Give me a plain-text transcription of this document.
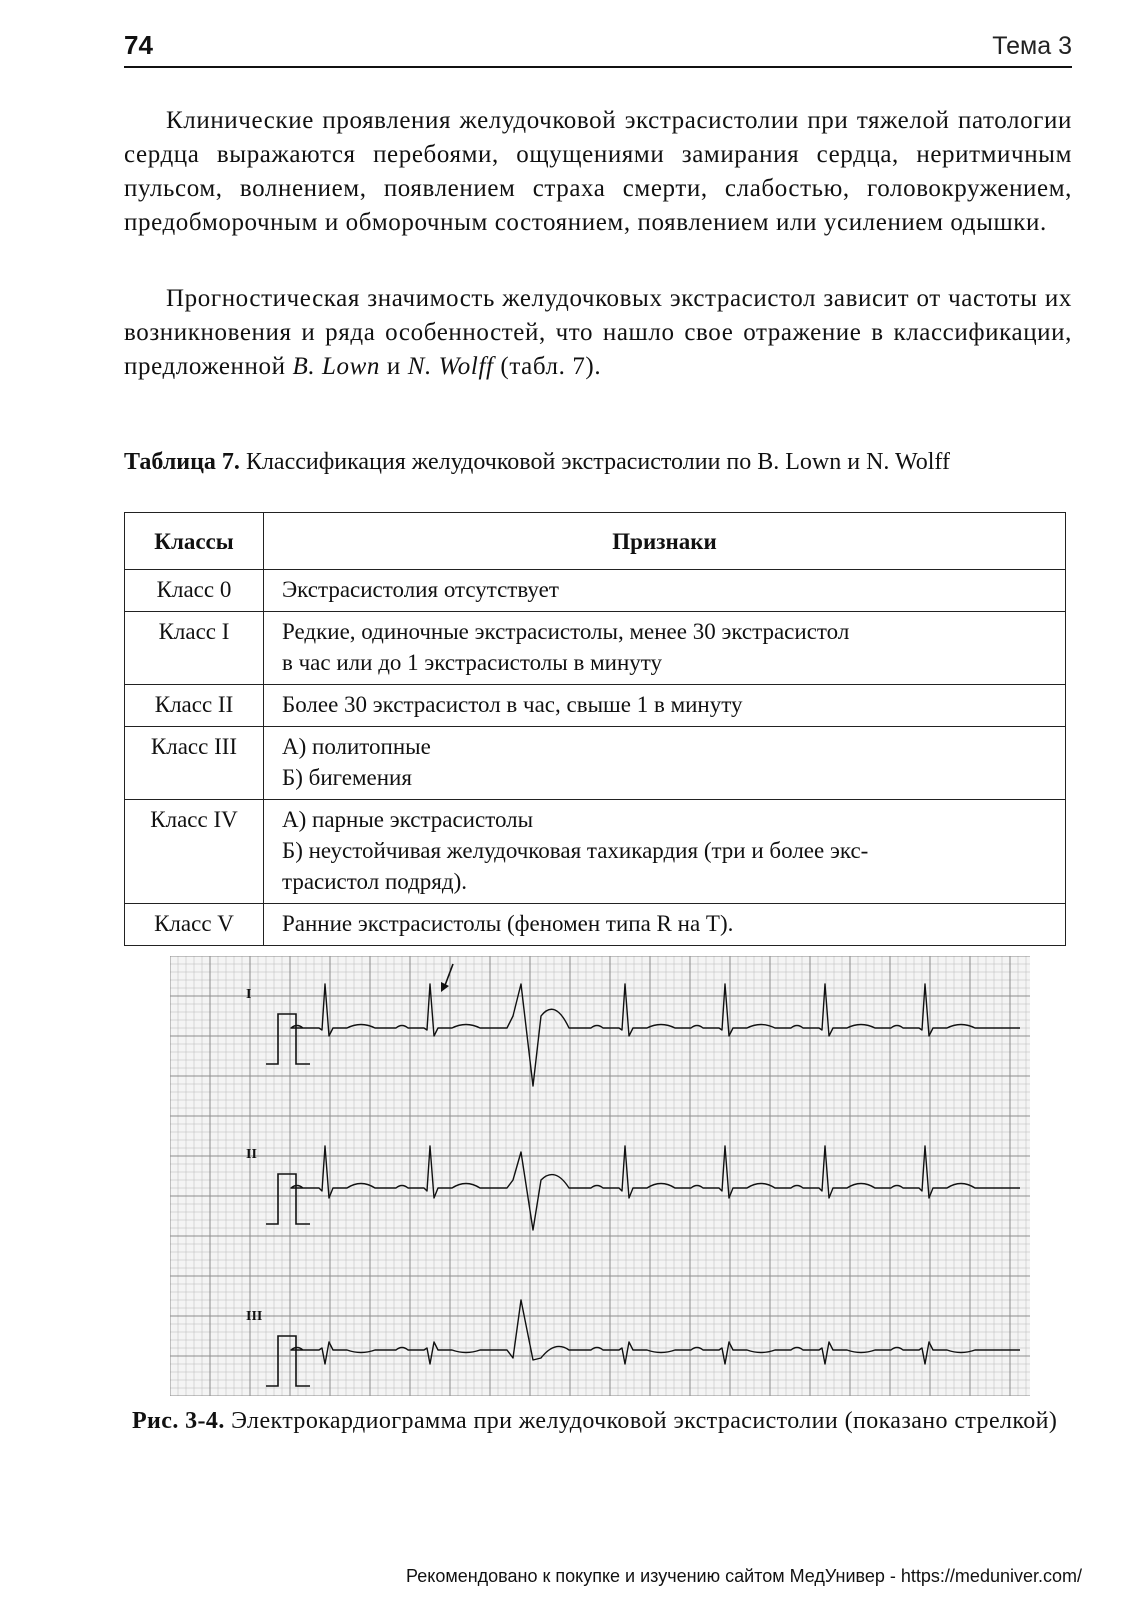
74	Тема 3
Клинические проявления желудочковой экстрасистолии при тяжелой патологии сердца выражаются перебоями, ощущениями замирания сердца, неритмичным пульсом, волнением, появлением страха смерти, слабостью, головокружением, предобморочным и обморочным состоянием, появлением или усилением одышки.
Прогностическая значимость желудочковых экстрасистол зависит от частоты их возникновения и ряда особенностей, что нашло свое отражение в классификации, предложенной B. Lown и N. Wolff (табл. 7).
Таблица 7. Классификация желудочковой экстрасистолии по B. Lown и N. Wolff
Классы	Признаки
Класс 0	Экстрасистолия отсутствует

Класс I	Редкие, одиночные экстрасистолы, менее 30 экстрасистол
в час или до 1 экстрасистолы в минуту

Класс II	Более 30 экстрасистол в час, свыше 1 в минуту

Класс III	А) политопные
Б) бигемения

Класс IV	А) парные экстрасистолы
Б) неустойчивая желудочковая тахикардия (три и более экс-
трасистол подряд).

Класс V	Ранние экстрасистолы (феномен типа R на T).
I
II
III
Рис. 3-4. Электрокардиограмма при желудочковой экстрасистолии (показано стрелкой)
Рекомендовано к покупке и изучению сайтом МедУнивер - https://meduniver.com/
